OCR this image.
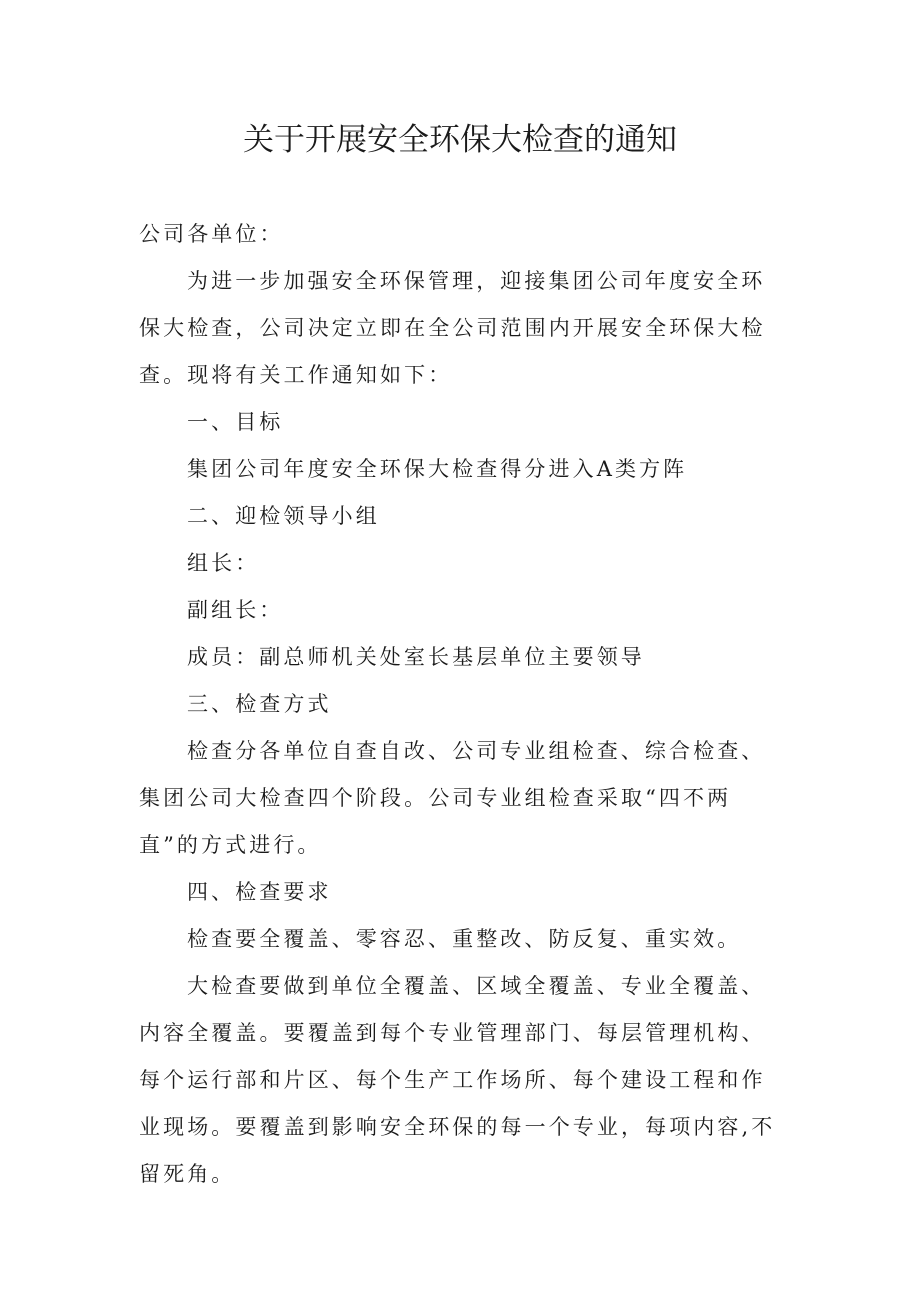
关于开展安全环保大检查的通知

公司各单位：

为进一步加强安全环保管理，迎接集团公司年度安全环保大检查，公司决定立即在全公司范围内开展安全环保大检查。现将有关工作通知如下：

一、目标

集团公司年度安全环保大检查得分进入A类方阵

二、迎检领导小组

组长：

副组长：

成员：副总师机关处室长基层单位主要领导

三、检查方式

检查分各单位自查自改、公司专业组检查、综合检查、集团公司大检查四个阶段。公司专业组检查采取“四不两直”的方式进行。

四、检查要求

检查要全覆盖、零容忍、重整改、防反复、重实效。

大检查要做到单位全覆盖、区域全覆盖、专业全覆盖、内容全覆盖。要覆盖到每个专业管理部门、每层管理机构、每个运行部和片区、每个生产工作场所、每个建设工程和作业现场。要覆盖到影响安全环保的每一个专业，每项内容,不留死角。
